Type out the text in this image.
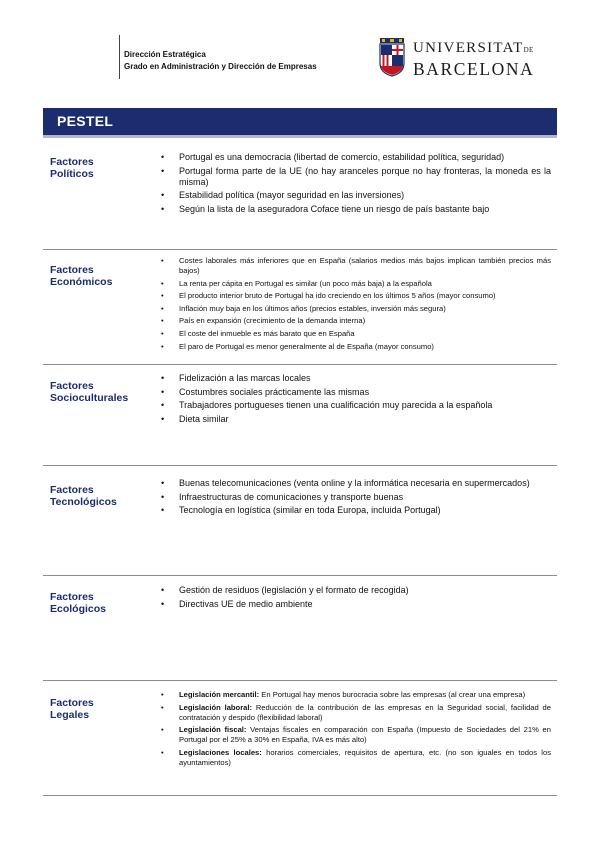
Dirección Estratégica
Grado en Administración y Dirección de Empresas
UNIVERSITATDE
BARCELONA
PESTEL
Factores
Políticos
• Portugal es una democracia (libertad de comercio, estabilidad política, seguridad)
• Portugal forma parte de la UE (no hay aranceles porque no hay fronteras, la moneda es la misma)
• Estabilidad política (mayor seguridad en las inversiones)
• Según la lista de la aseguradora Coface tiene un riesgo de país bastante bajo
Factores
Económicos
• Costes laborales más inferiores que en España (salarios medios más bajos implican también precios más bajos)
• La renta per cápita en Portugal es similar (un poco más baja) a la española
• El producto interior bruto de Portugal ha ido creciendo en los últimos 5 años (mayor consumo)
• Inflación muy baja en los últimos años (precios estables, inversión más segura)
• País en expansión (crecimiento de la demanda interna)
• El coste del inmueble es más barato que en España
• El paro de Portugal es menor generalmente al de España (mayor consumo)
Factores
Socioculturales
• Fidelización a las marcas locales
• Costumbres sociales prácticamente las mismas
• Trabajadores portugueses tienen una cualificación muy parecida a la española
• Dieta similar
Factores
Tecnológicos
• Buenas telecomunicaciones (venta online y la informática necesaria en supermercados)
• Infraestructuras de comunicaciones y transporte buenas
• Tecnología en logística (similar en toda Europa, incluida Portugal)
Factores
Ecológicos
• Gestión de residuos (legislación y el formato de recogida)
• Directivas UE de medio ambiente
Factores
Legales
• Legislación mercantil: En Portugal hay menos burocracia sobre las empresas (al crear una empresa)
• Legislación laboral: Reducción de la contribución de las empresas en la Seguridad social, facilidad de contratación y despido (flexibilidad laboral)
• Legislación fiscal: Ventajas fiscales en comparación con España (Impuesto de Sociedades del 21% en Portugal por el 25% a 30% en España, IVA es más alto)
• Legislaciones locales: horarios comerciales, requisitos de apertura, etc. (no son iguales en todos los ayuntamientos)
